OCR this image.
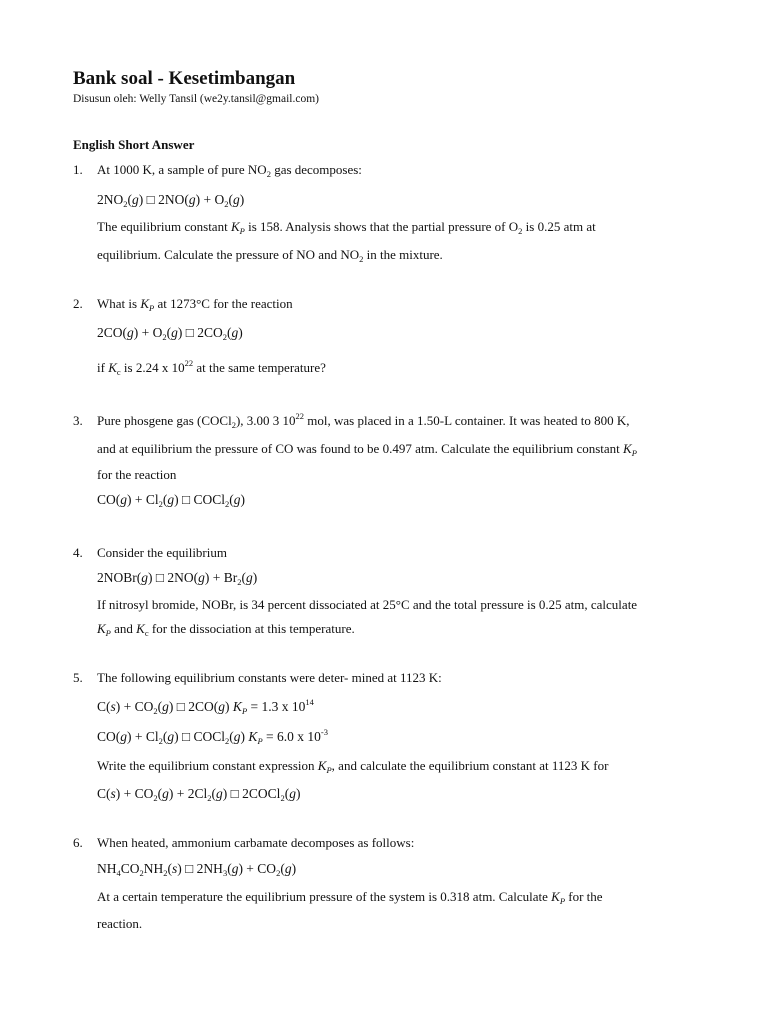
Bank soal - Kesetimbangan
Disusun oleh: Welly Tansil (we2y.tansil@gmail.com)
English Short Answer
1. At 1000 K, a sample of pure $NO_2$ gas decomposes:
$2NO_2(g)$ □ $2NO(g) + O_2(g)$
The equilibrium constant $K_P$ is 158. Analysis shows that the partial pressure of $O_2$ is 0.25 atm at
equilibrium. Calculate the pressure of NO and $NO_2$ in the mixture.
2. What is $K_P$ at 1273°C for the reaction
$2CO(g) + O_2(g)$ □ $2CO_2(g)$
if $K_c$ is 2.24 x $10^{22}$ at the same temperature?
3. Pure phosgene gas (COCl$_2$), 3.00 3 $10^{22}$ mol, was placed in a 1.50-L container. It was heated to 800 K,
and at equilibrium the pressure of CO was found to be 0.497 atm. Calculate the equilibrium constant $K_P$
for the reaction
$CO(g) + Cl_2(g)$ □ COCl$_2$(g)
4. Consider the equilibrium
2NOBr(g) □ $2NO(g) + Br_2(g)$
If nitrosyl bromide, NOBr, is 34 percent dissociated at 25°C and the total pressure is 0.25 atm, calculate
$K_P$ and $K_c$ for the dissociation at this temperature.
5. The following equilibrium constants were deter- mined at 1123 K:
$C(s) + CO_2(g)$ □ 2CO(g) $K_P = 1.3$ x $10^{14}$
$CO(g) + Cl_2(g)$ □ COCl$_2$(g) $K_P = 6.0$ x $10^{-3}$
Write the equilibrium constant expression $K_P$, and calculate the equilibrium constant at 1123 K for
$C(s) + CO_2(g) + 2Cl_2(g)$ □ 2COCl$_2$(g)
6. When heated, ammonium carbamate decomposes as follows:
$NH_4CO_2NH_2(s)$ □ $2NH_3(g) + CO_2(g)$
At a certain temperature the equilibrium pressure of the system is 0.318 atm. Calculate $K_P$ for the
reaction.
